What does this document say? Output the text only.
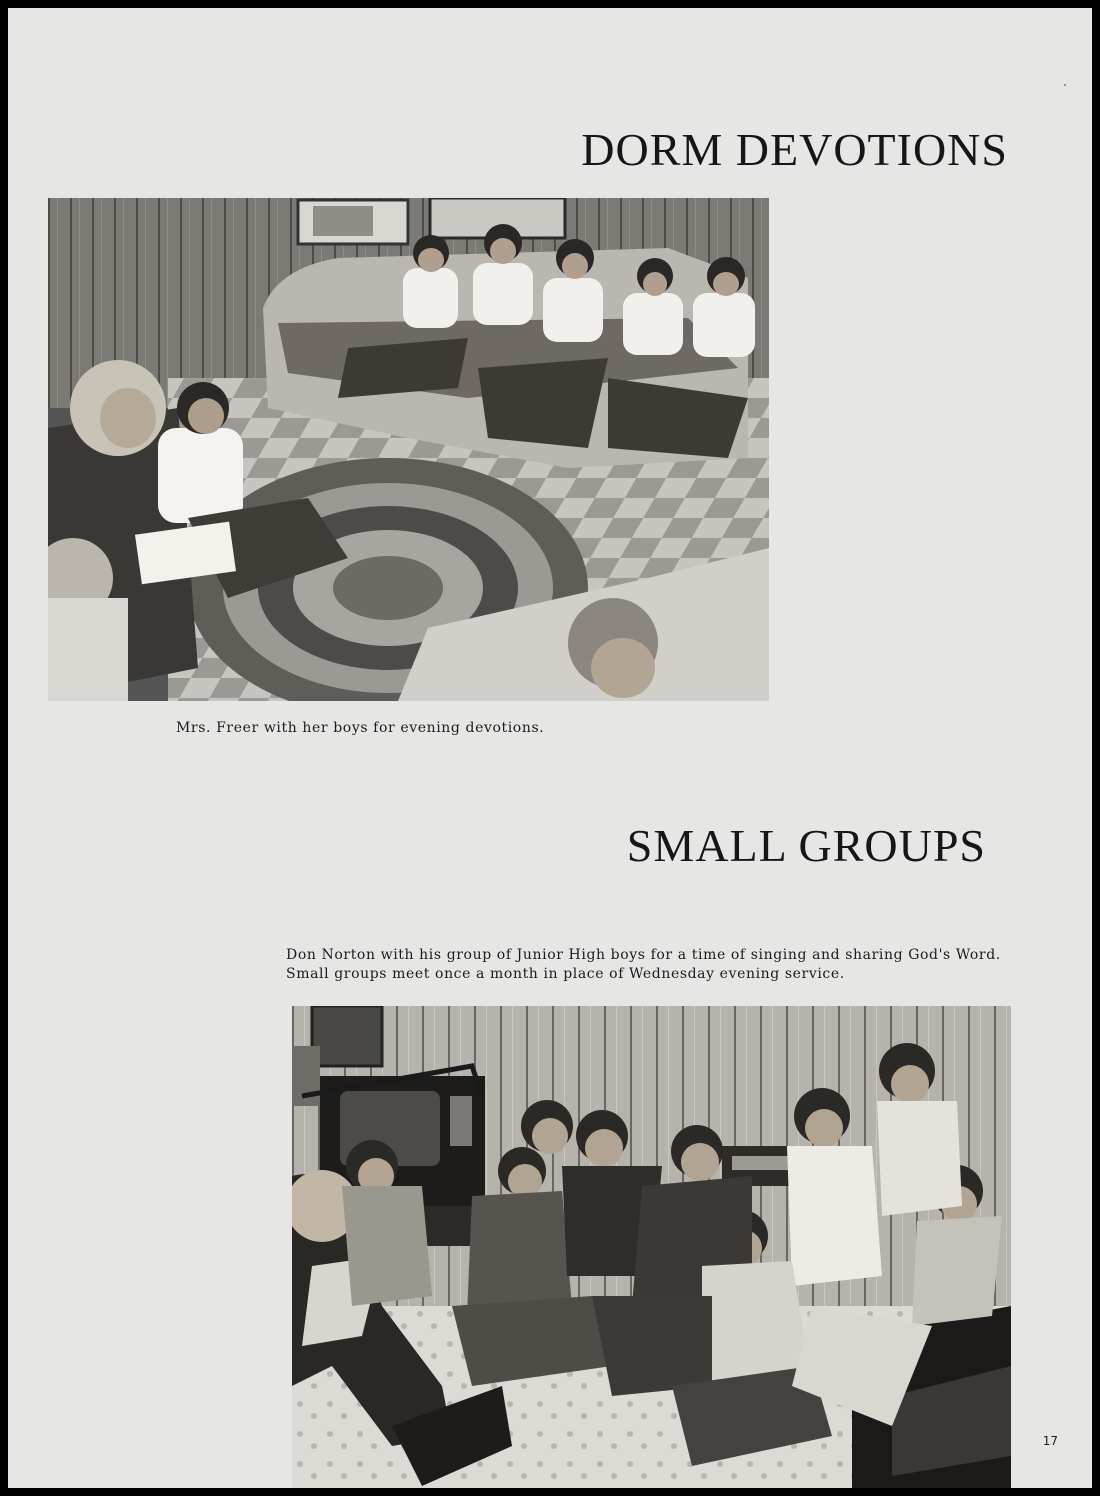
DORM DEVOTIONS
Mrs. Freer with her boys for evening devotions.
SMALL GROUPS
Don Norton with his group of Junior High boys for a time of singing and sharing God's Word. Small groups meet once a month in place of Wednesday evening service.
17
